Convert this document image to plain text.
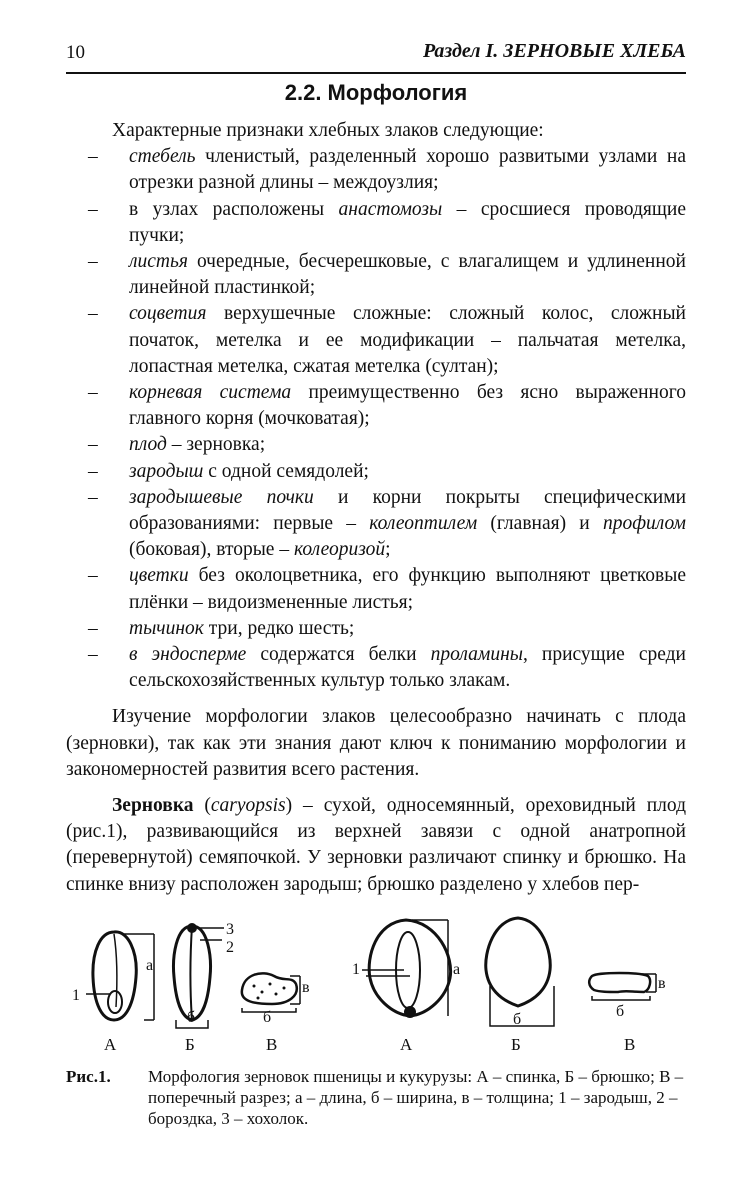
10	Раздел I. ЗЕРНОВЫЕ ХЛЕБА
2.2. Морфология

Характерные признаки хлебных злаков следующие:

– стебель членистый, разделенный хорошо развитыми узлами на отрезки разной длины – междоузлия;
– в узлах расположены анастомозы – сросшиеся проводящие пучки;
– листья очередные, бесчерешковые, с влагалищем и удлиненной линейной пластинкой;
– соцветия верхушечные сложные: сложный колос, сложный початок, метелка и ее модификации – пальчатая метелка, лопастная метелка, сжатая метелка (султан);
– корневая система преимущественно без ясно выраженного главного корня (мочковатая);
– плод – зерновка;
– зародыш с одной семядолей;
– зародышевые почки и корни покрыты специфическими образованиями: первые – колеоптилем (главная) и профилом (боковая), вторые – колеоризой;
– цветки без околоцветника, его функцию выполняют цветковые плёнки – видоизмененные листья;
– тычинок три, редко шесть;
– в эндосперме содержатся белки проламины, присущие среди сельскохозяйственных культур только злакам.

Изучение морфологии злаков целесообразно начинать с плода (зерновки), так как эти знания дают ключ к пониманию морфологии и закономерностей развития всего растения.

Зерновка (caryopsis) – сухой, односемянный, ореховидный плод (рис.1), развивающийся из верхней завязи с одной анатропной (перевернутой) семяпочкой. У зерновки различают спинку и брюшко. На спинке внизу расположен зародыш; брюшко разделено у хлебов пер-

а
1
А
3
2
б
Б
в
б
В
а
1
А
б
Б
в
б
В
Рис.1. Морфология зерновок пшеницы и кукурузы: А – спинка, Б – брюшко; В – поперечный разрез; а – длина, б – ширина, в – толщина; 1 – зародыш, 2 – бороздка, 3 – хохолок.
